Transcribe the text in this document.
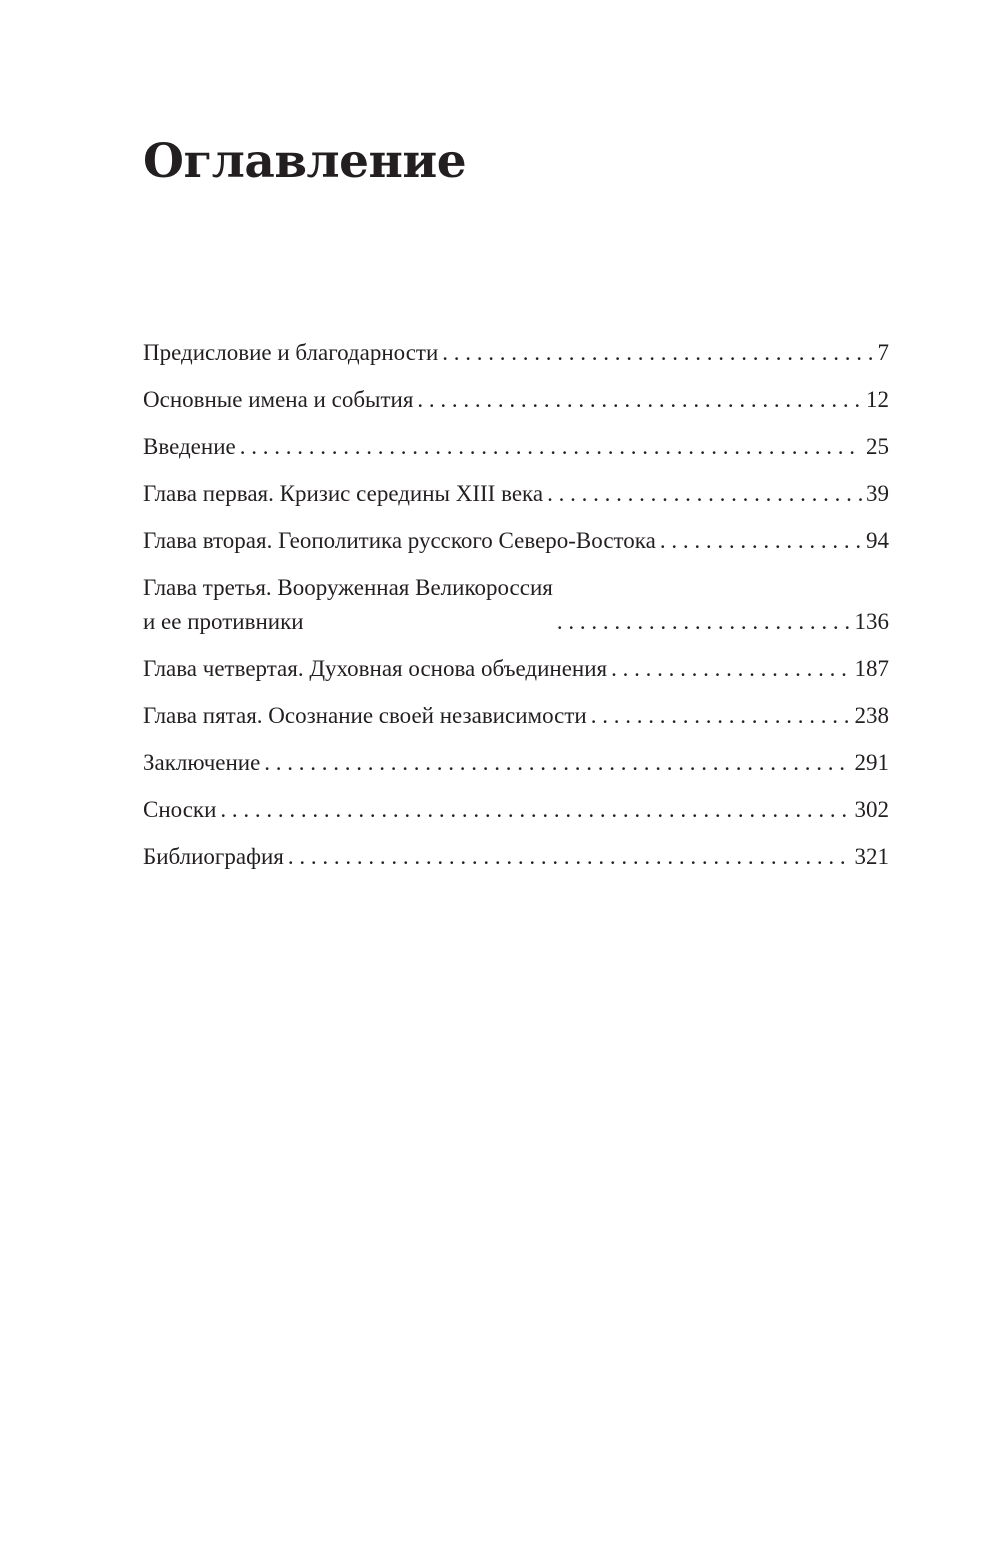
Оглавление
Предисловие и благодарности . . .	7
Основные имена и события . . .	12
Введение . . .	25
Глава первая. Кризис середины XIII века . . .	39
Глава вторая. Геополитика русского Северо-Востока . . .	94
Глава третья. Вооруженная Великороссия
и ее противники . . .	136
Глава четвертая. Духовная основа объединения . . .	187
Глава пятая. Осознание своей независимости . . .	238
Заключение . . .	291
Сноски . . .	302
Библиография . . .	321
